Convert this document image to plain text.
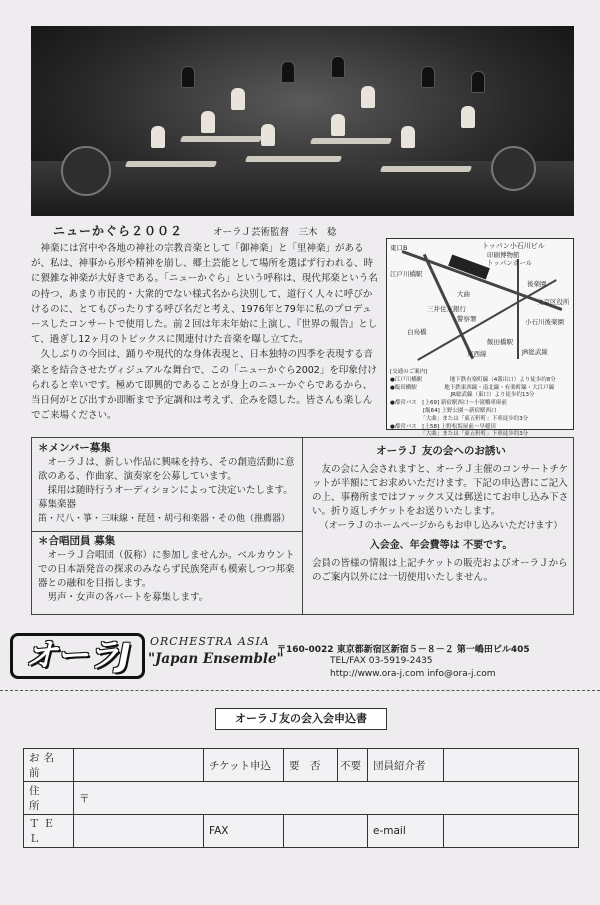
ニューかぐら２００２	オーラＪ芸術監督　三木　稔

神楽には宮中や各地の神社の宗教音楽として「御神楽」と「里神楽」があるが、私は、神事から形や精神を崩し、郷土芸能として場所を選ばず行われる、時に猥雑な神楽が大好きである。「ニューかぐら」という呼称は、現代邦楽という名の持つ、あまり市民的・大衆的でない様式名から決別して、道行く人々に呼びかけるのに、とてもぴったりする呼び名だと考え、1976年と79年に私のプロデュースしたコンサートで使用した。前２回は年末年始に上演し、『世界の報告』として、過ぎし12ヶ月のトピックスに関連付けた音楽を曝し立てた。

久しぶりの今回は、踊りや現代的な身体表現と、日本独特の四季を表現する音楽とを結合させたヴィジュアルな舞台で、この「ニューかぐら2002」を印象付けられると幸いです。極めて即興的であることが身上のニューかぐらであるから、当日何がとび出すか即断まで予定調和は考えず、企みを隠した。皆さんも楽しんでご来場ください。

トッパン小石川ビル
印刷博物館
トッパンホール
東口B
江戸川橋駅
後楽園
飯田橋駅
東西線	JR総武線
文京区役所
小石川後楽園
三井住友銀行
大曲
白鳥橋
警察署
[交通のご案内]
●江戸川橋駅　　　　　地下鉄有楽町線（4番出口）より徒歩約8分
●飯田橋駅　　　　　地下鉄東西線・南北線・有楽町線・大江戸線
　　　　　　　　　　　JR総武線（東口）より徒歩約13分
●都営バス　[上69] 新宿駅西口～小滝橋車庫前
　　　　　　[飯64] 上野公園～新宿駅西口
　　　　　　「大曲」または「東五軒町」下車徒歩約3分
●都営バス　[上58] 上野松坂屋前～早稲田
　　　　　　「大曲」または「東五軒町」下車徒歩約3分
＊メンバー募集
オーラＪは、新しい作品に興味を持ち、その創造活動に意欲のある、作曲家、演奏家を公募しています。
採用は随時行うオーディションによって決定いたします。
募集楽器
笛・尺八・箏・三味線・琵琶・胡弓和楽器・その他（推薦器）
＊合唱団員 募集
オーラＪ合唱団（仮称）に参加しませんか。ベルカウントでの日本語発音の探求のみならず民族発声も模索しつつ邦楽器との融和を目指します。
男声・女声の各パートを募集します。
オーラＪ 友の会へのお誘い
友の会に入会されますと、オーラＪ主催のコンサートチケットが半額にてお求めいただけます。下記の申込書にご記入の上、事務所まではファックス又は郵送にてお申し込み下さい。折り返しチケットをお送りいたします。
（オーラＪのホームページからもお申し込みいただけます）
入会金、年会費等は 不要です。
会員の皆様の情報は上記チケットの販売およびオーラＪからのご案内以外には一切使用いたしません。
オーラJ	ORCHESTRA ASIA
"Japan Ensemble"
〒160-0022 東京都新宿区新宿５－８－２ 第一嶋田ビル405
TEL/FAX 03-5919-2435
http://www.ora-j.com info@ora-j.com
オーラＪ友の会入会申込書
お名前		チケット申込	要　否	不要	団員紹介者	
住　所	〒					
ＴＥＬ		FAX			e-mail	
